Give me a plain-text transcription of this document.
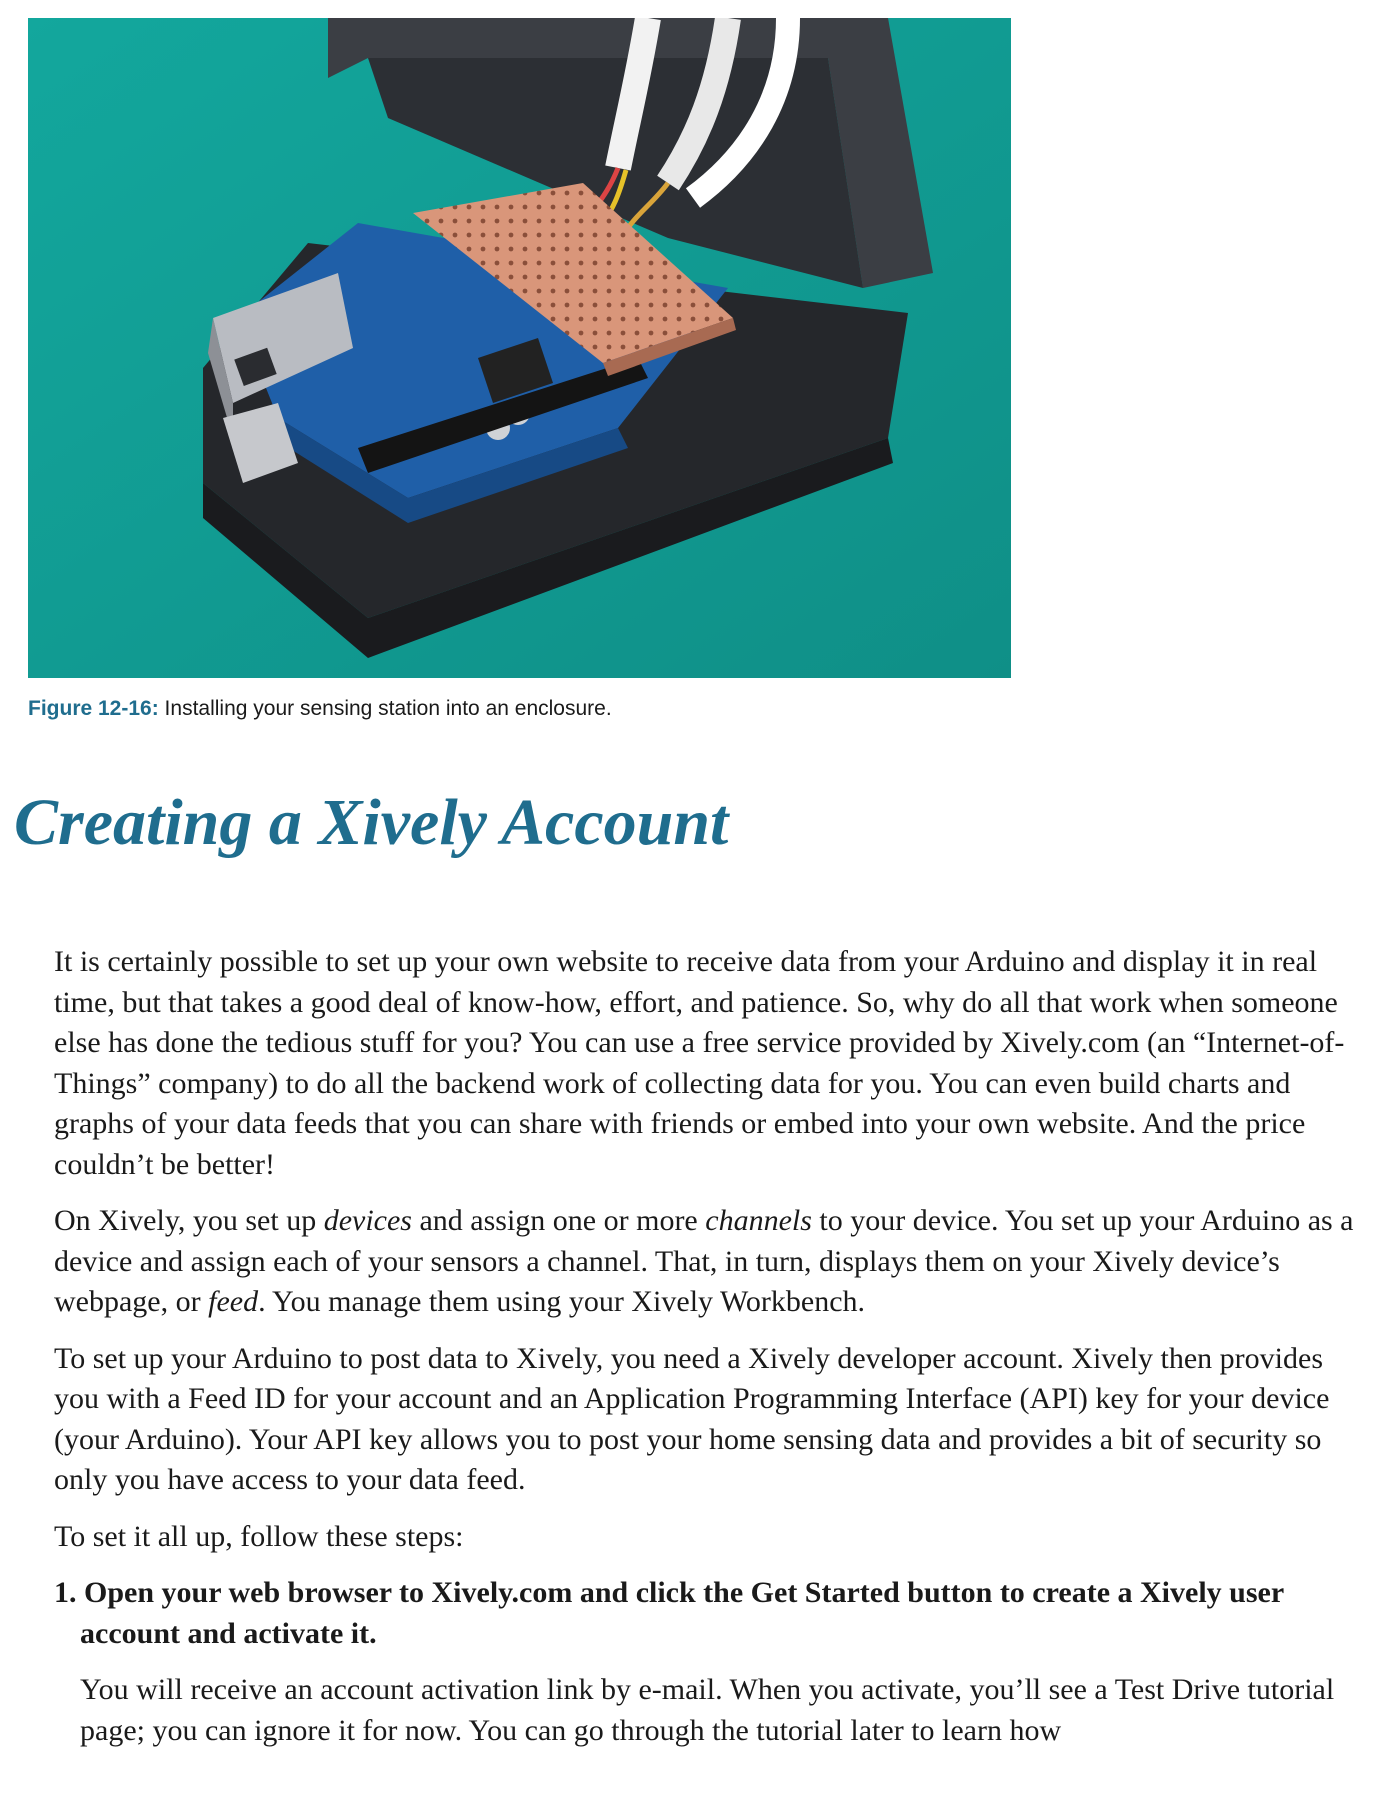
Figure 12-16: Installing your sensing station into an enclosure.
Creating a Xively Account

It is certainly possible to set up your own website to receive data from your Arduino and display it in real time, but that takes a good deal of know-how, effort, and patience. So, why do all that work when someone else has done the tedious stuff for you? You can use a free service provided by Xively.com (an “Internet-of-Things” company) to do all the backend work of collecting data for you. You can even build charts and graphs of your data feeds that you can share with friends or embed into your own website. And the price couldn’t be better!

On Xively, you set up devices and assign one or more channels to your device. You set up your Arduino as a device and assign each of your sensors a channel. That, in turn, displays them on your Xively device’s webpage, or feed. You manage them using your Xively Workbench.

To set up your Arduino to post data to Xively, you need a Xively developer account. Xively then provides you with a Feed ID for your account and an Application Programming Interface (API) key for your device (your Arduino). Your API key allows you to post your home sensing data and provides a bit of security so only you have access to your data feed.

To set it all up, follow these steps:

1. Open your web browser to Xively.com and click the Get Started button to create a Xively user account and activate it.

You will receive an account activation link by e-mail. When you activate, you’ll see a Test Drive tutorial page; you can ignore it for now. You can go through the tutorial later to learn how
